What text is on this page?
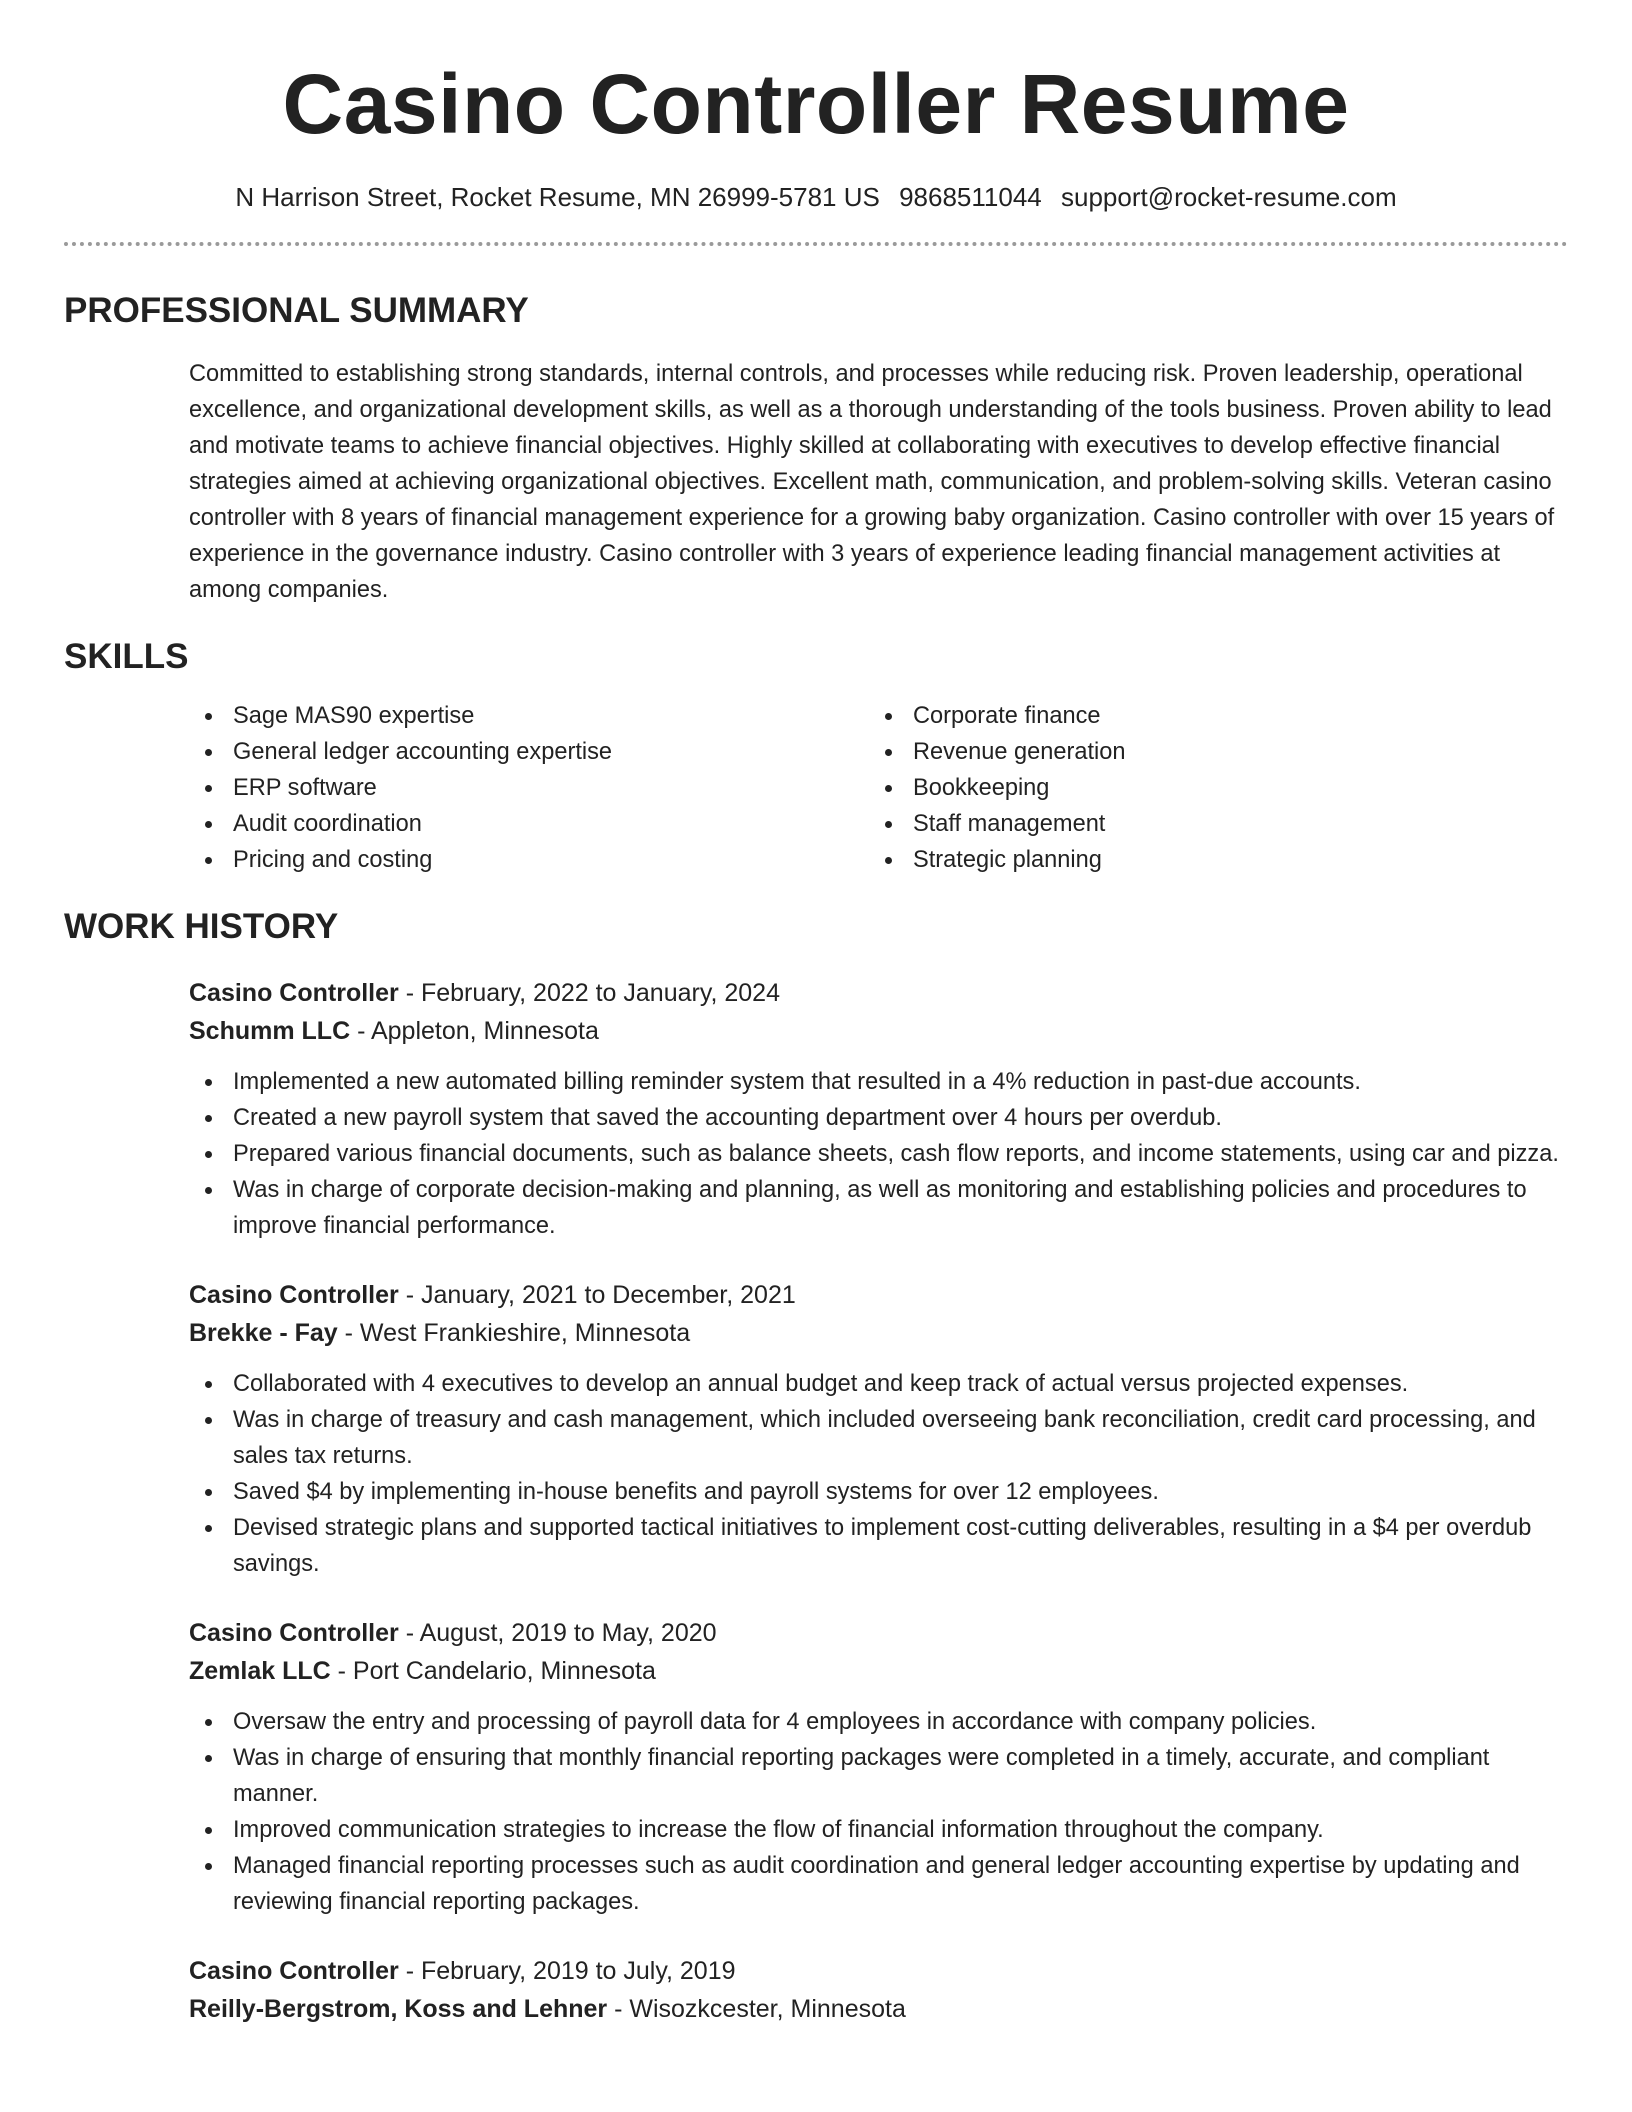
Casino Controller Resume
N Harrison Street, Rocket Resume, MN 26999-5781 US 9868511044 support@rocket-resume.com
PROFESSIONAL SUMMARY

Committed to establishing strong standards, internal controls, and processes while reducing risk. Proven leadership, operational excellence, and organizational development skills, as well as a thorough understanding of the tools business. Proven ability to lead and motivate teams to achieve financial objectives. Highly skilled at collaborating with executives to develop effective financial strategies aimed at achieving organizational objectives. Excellent math, communication, and problem-solving skills. Veteran casino controller with 8 years of financial management experience for a growing baby organization. Casino controller with over 15 years of experience in the governance industry. Casino controller with 3 years of experience leading financial management activities at among companies.

SKILLS
Sage MAS90 expertise
General ledger accounting expertise
ERP software
Audit coordination
Pricing and costing
Corporate finance
Revenue generation
Bookkeeping
Staff management
Strategic planning
WORK HISTORY
Casino Controller - February, 2022 to January, 2024
Schumm LLC - Appleton, Minnesota
Implemented a new automated billing reminder system that resulted in a 4% reduction in past-due accounts.
Created a new payroll system that saved the accounting department over 4 hours per overdub.
Prepared various financial documents, such as balance sheets, cash flow reports, and income statements, using car and pizza.
Was in charge of corporate decision-making and planning, as well as monitoring and establishing policies and procedures to improve financial performance.
Casino Controller - January, 2021 to December, 2021
Brekke - Fay - West Frankieshire, Minnesota
Collaborated with 4 executives to develop an annual budget and keep track of actual versus projected expenses.
Was in charge of treasury and cash management, which included overseeing bank reconciliation, credit card processing, and sales tax returns.
Saved $4 by implementing in-house benefits and payroll systems for over 12 employees.
Devised strategic plans and supported tactical initiatives to implement cost-cutting deliverables, resulting in a $4 per overdub savings.
Casino Controller - August, 2019 to May, 2020
Zemlak LLC - Port Candelario, Minnesota
Oversaw the entry and processing of payroll data for 4 employees in accordance with company policies.
Was in charge of ensuring that monthly financial reporting packages were completed in a timely, accurate, and compliant manner.
Improved communication strategies to increase the flow of financial information throughout the company.
Managed financial reporting processes such as audit coordination and general ledger accounting expertise by updating and reviewing financial reporting packages.
Casino Controller - February, 2019 to July, 2019
Reilly-Bergstrom, Koss and Lehner - Wisozkcester, Minnesota
